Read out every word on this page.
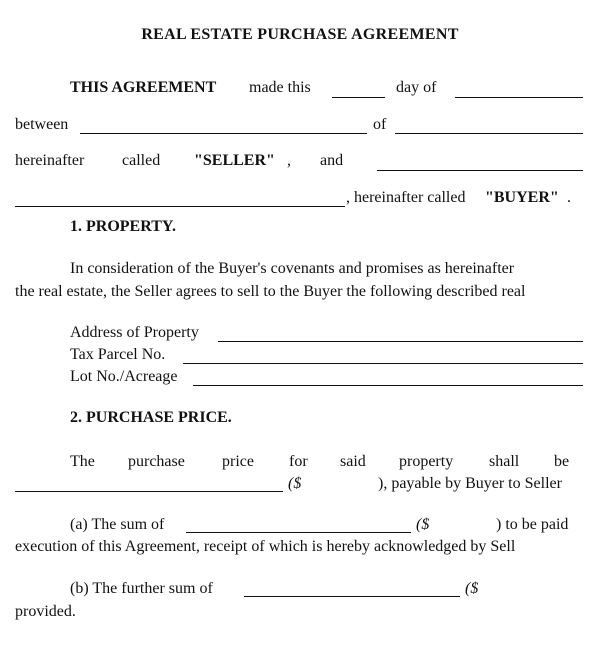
REAL ESTATE PURCHASE AGREEMENT
THIS AGREEMENT made this	day of
between	of
hereinafter called "SELLER" , and
, hereinafter called "BUYER" .
1. PROPERTY.
In consideration of the Buyer's covenants and promises as hereinafter
the real estate, the Seller agrees to sell to the Buyer the following described real
Address of Property
Tax Parcel No.
Lot No./Acreage
2. PURCHASE PRICE.
The purchase price for said property shall be
($	), payable by Buyer to Seller
(a) The sum of	($	) to be paid
execution of this Agreement, receipt of which is hereby acknowledged by Sell
(b) The further sum of	($
provided.
